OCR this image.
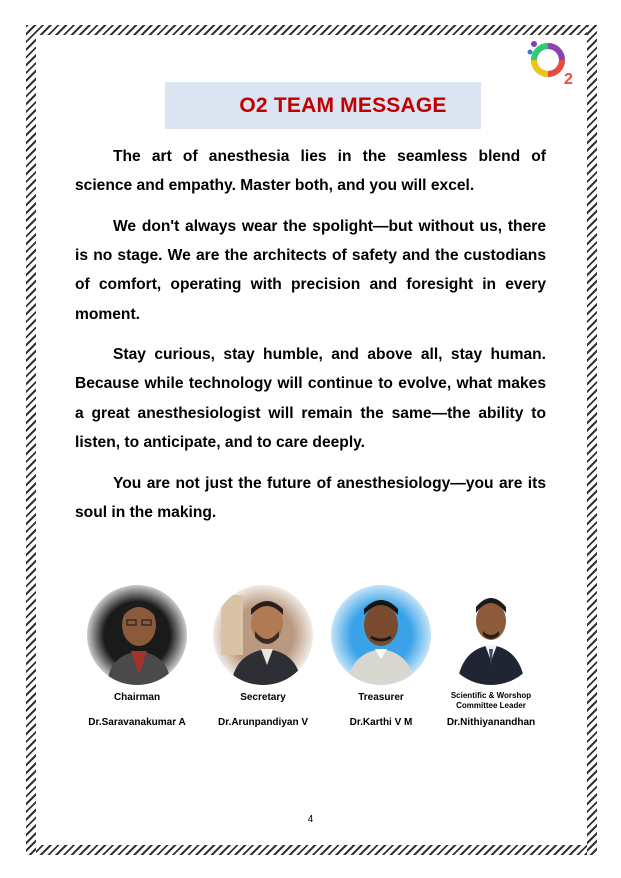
2
O2 TEAM MESSAGE

The art of anesthesia lies in the seamless blend of science and empathy. Master both, and you will excel.

We don't always wear the spolight—but without us, there is no stage. We are the architects of safety and the custodians of comfort, operating with precision and foresight in every moment.

Stay curious, stay humble, and above all, stay human. Because while technology will continue to evolve, what makes a great anesthesiologist will remain the same—the ability to listen, to anticipate, and to care deeply.

You are not just the future of anesthesiology—you are its soul in the making.

Chairman
Dr.Saravanakumar A
Secretary
Dr.Arunpandiyan V
Treasurer
Dr.Karthi V M
Scientific & Worshop
Committee Leader
Dr.Nithiyanandhan
4
